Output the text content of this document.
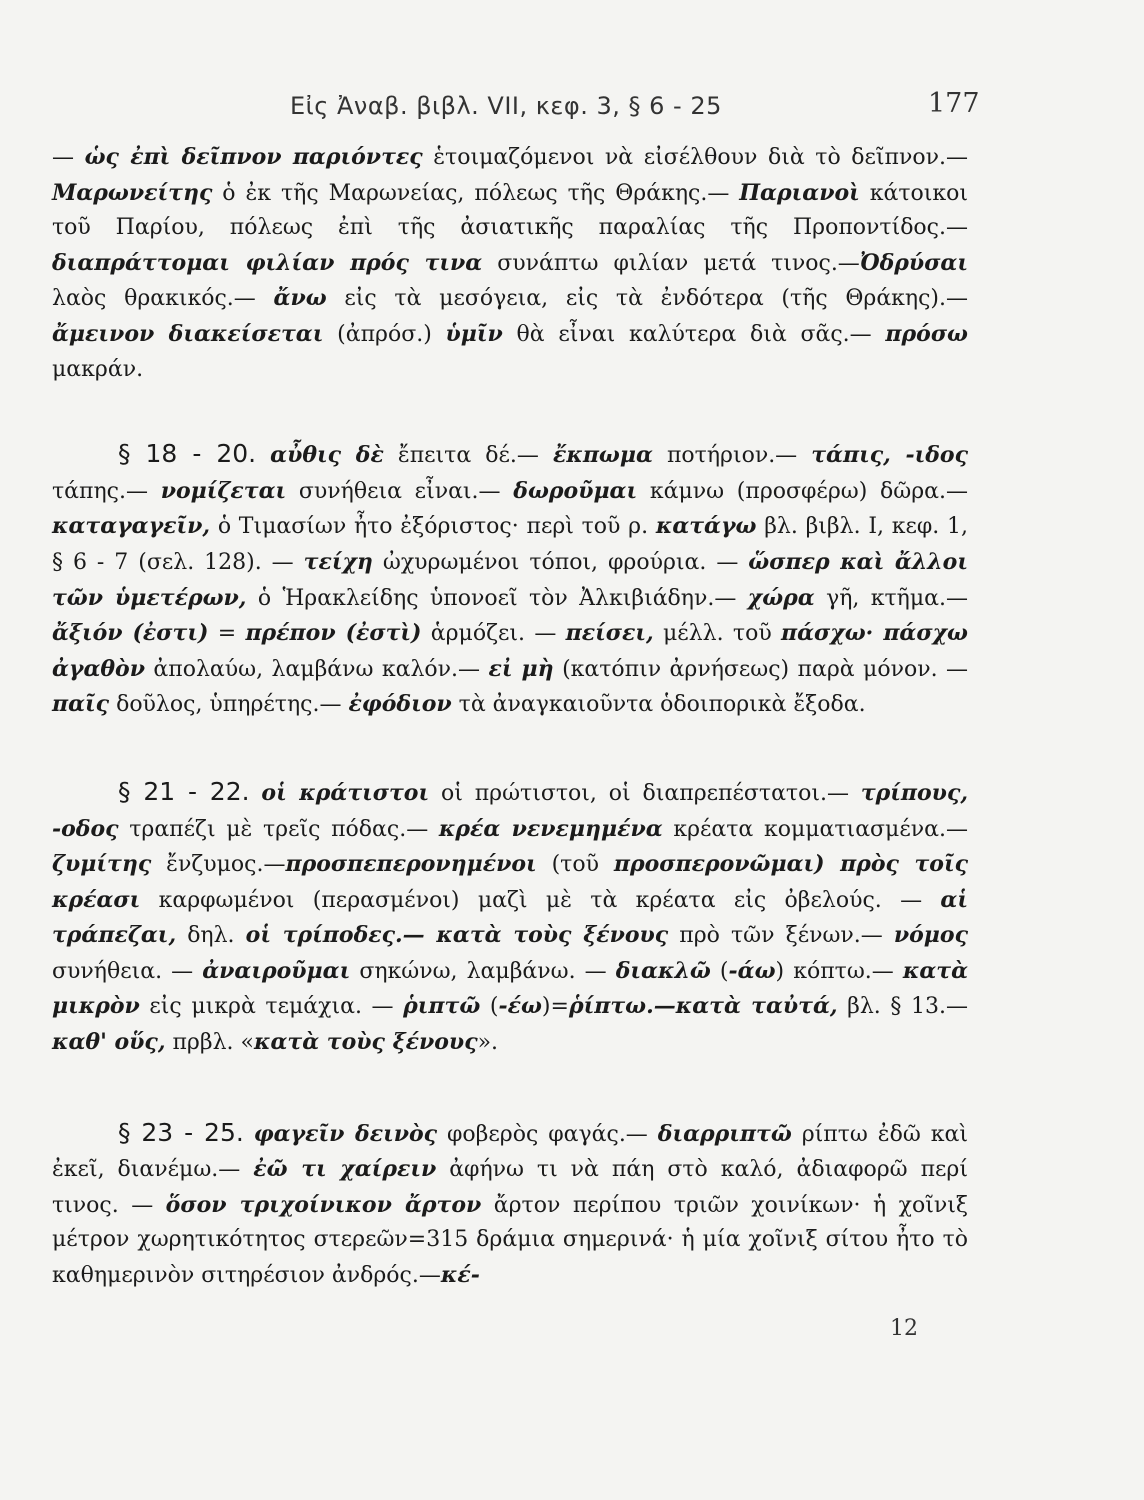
Εἰς Ἀναβ. βιβλ. VII, κεφ. 3, § 6 - 25	177

— ὡς ἐπὶ δεῖπνον παριόντες ἑτοιμαζόμενοι νὰ εἰσέλθουν διὰ τὸ δεῖπνον.— Μαρωνείτης ὁ ἐκ τῆς Μαρωνείας, πόλεως τῆς Θράκης.— Παριανοὶ κάτοικοι τοῦ Παρίου, πόλεως ἐπὶ τῆς ἀσιατικῆς παραλίας τῆς Προποντίδος.— διαπράττομαι φιλίαν πρός τινα συνάπτω φιλίαν μετά τινος.—Ὀδρύσαι λαὸς θρακικός.— ἄνω εἰς τὰ μεσόγεια, εἰς τὰ ἐνδότερα (τῆς Θράκης).— ἄμεινον διακείσεται (ἀπρόσ.) ὑμῖν θὰ εἶναι καλύτερα διὰ σᾶς.— πρόσω μακράν.

§ 18 - 20. αὖθις δὲ ἔπειτα δέ.— ἔκπωμα ποτήριον.— τάπις, -ιδος τάπης.— νομίζεται συνήθεια εἶναι.— δωροῦμαι κάμνω (προσφέρω) δῶρα.— καταγαγεῖν, ὁ Τιμασίων ἦτο ἐξόριστος· περὶ τοῦ ρ. κατάγω βλ. βιβλ. I, κεφ. 1, § 6 - 7 (σελ. 128). — τείχη ὠχυρωμένοι τόποι, φρούρια. — ὥσπερ καὶ ἄλλοι τῶν ὑμετέρων, ὁ Ἡρακλείδης ὑπονοεῖ τὸν Ἀλκιβιάδην.— χώρα γῆ, κτῆμα.— ἄξιόν (ἐστι) = πρέπον (ἐστὶ) ἁρμόζει. — πείσει, μέλλ. τοῦ πάσχω· πάσχω ἀγαθὸν ἀπολαύω, λαμβάνω καλόν.— εἰ μὴ (κατόπιν ἀρνήσεως) παρὰ μόνον. — παῖς δοῦλος, ὑπηρέτης.— ἐφόδιον τὰ ἀναγκαιοῦντα ὁδοιπορικὰ ἔξοδα.

§ 21 - 22. οἱ κράτιστοι οἱ πρώτιστοι, οἱ διαπρεπέστατοι.— τρίπους, -οδος τραπέζι μὲ τρεῖς πόδας.— κρέα νενεμημένα κρέατα κομματιασμένα.— ζυμίτης ἔνζυμος.—προσπεπερονημένοι (τοῦ προσπερονῶμαι) πρὸς τοῖς κρέασι καρφωμένοι (περασμένοι) μαζὶ μὲ τὰ κρέατα εἰς ὀβελούς. — αἱ τράπεζαι, δηλ. οἱ τρίποδες.— κατὰ τοὺς ξένους πρὸ τῶν ξένων.— νόμος συνήθεια. — ἀναιροῦμαι σηκώνω, λαμβάνω. — διακλῶ (-άω) κόπτω.— κατὰ μικρὸν εἰς μικρὰ τεμάχια. — ῥιπτῶ (-έω)=ῥίπτω.—κατὰ ταὐτά, βλ. § 13.— καθ' οὕς, πρβλ. «κατὰ τοὺς ξένους».

§ 23 - 25. φαγεῖν δεινὸς φοβερὸς φαγάς.— διαρριπτῶ ρίπτω ἐδῶ καὶ ἐκεῖ, διανέμω.— ἐῶ τι χαίρειν ἀφήνω τι νὰ πάη στὸ καλό, ἀδιαφορῶ περί τινος. — ὅσον τριχοίνικον ἄρτον ἄρτον περίπου τριῶν χοινίκων· ἡ χοῖνιξ μέτρον χωρητικότητος στερεῶν=315 δράμια σημερινά· ἡ μία χοῖνιξ σίτου ἦτο τὸ καθημερινὸν σιτηρέσιον ἀνδρός.—κέ-

12
